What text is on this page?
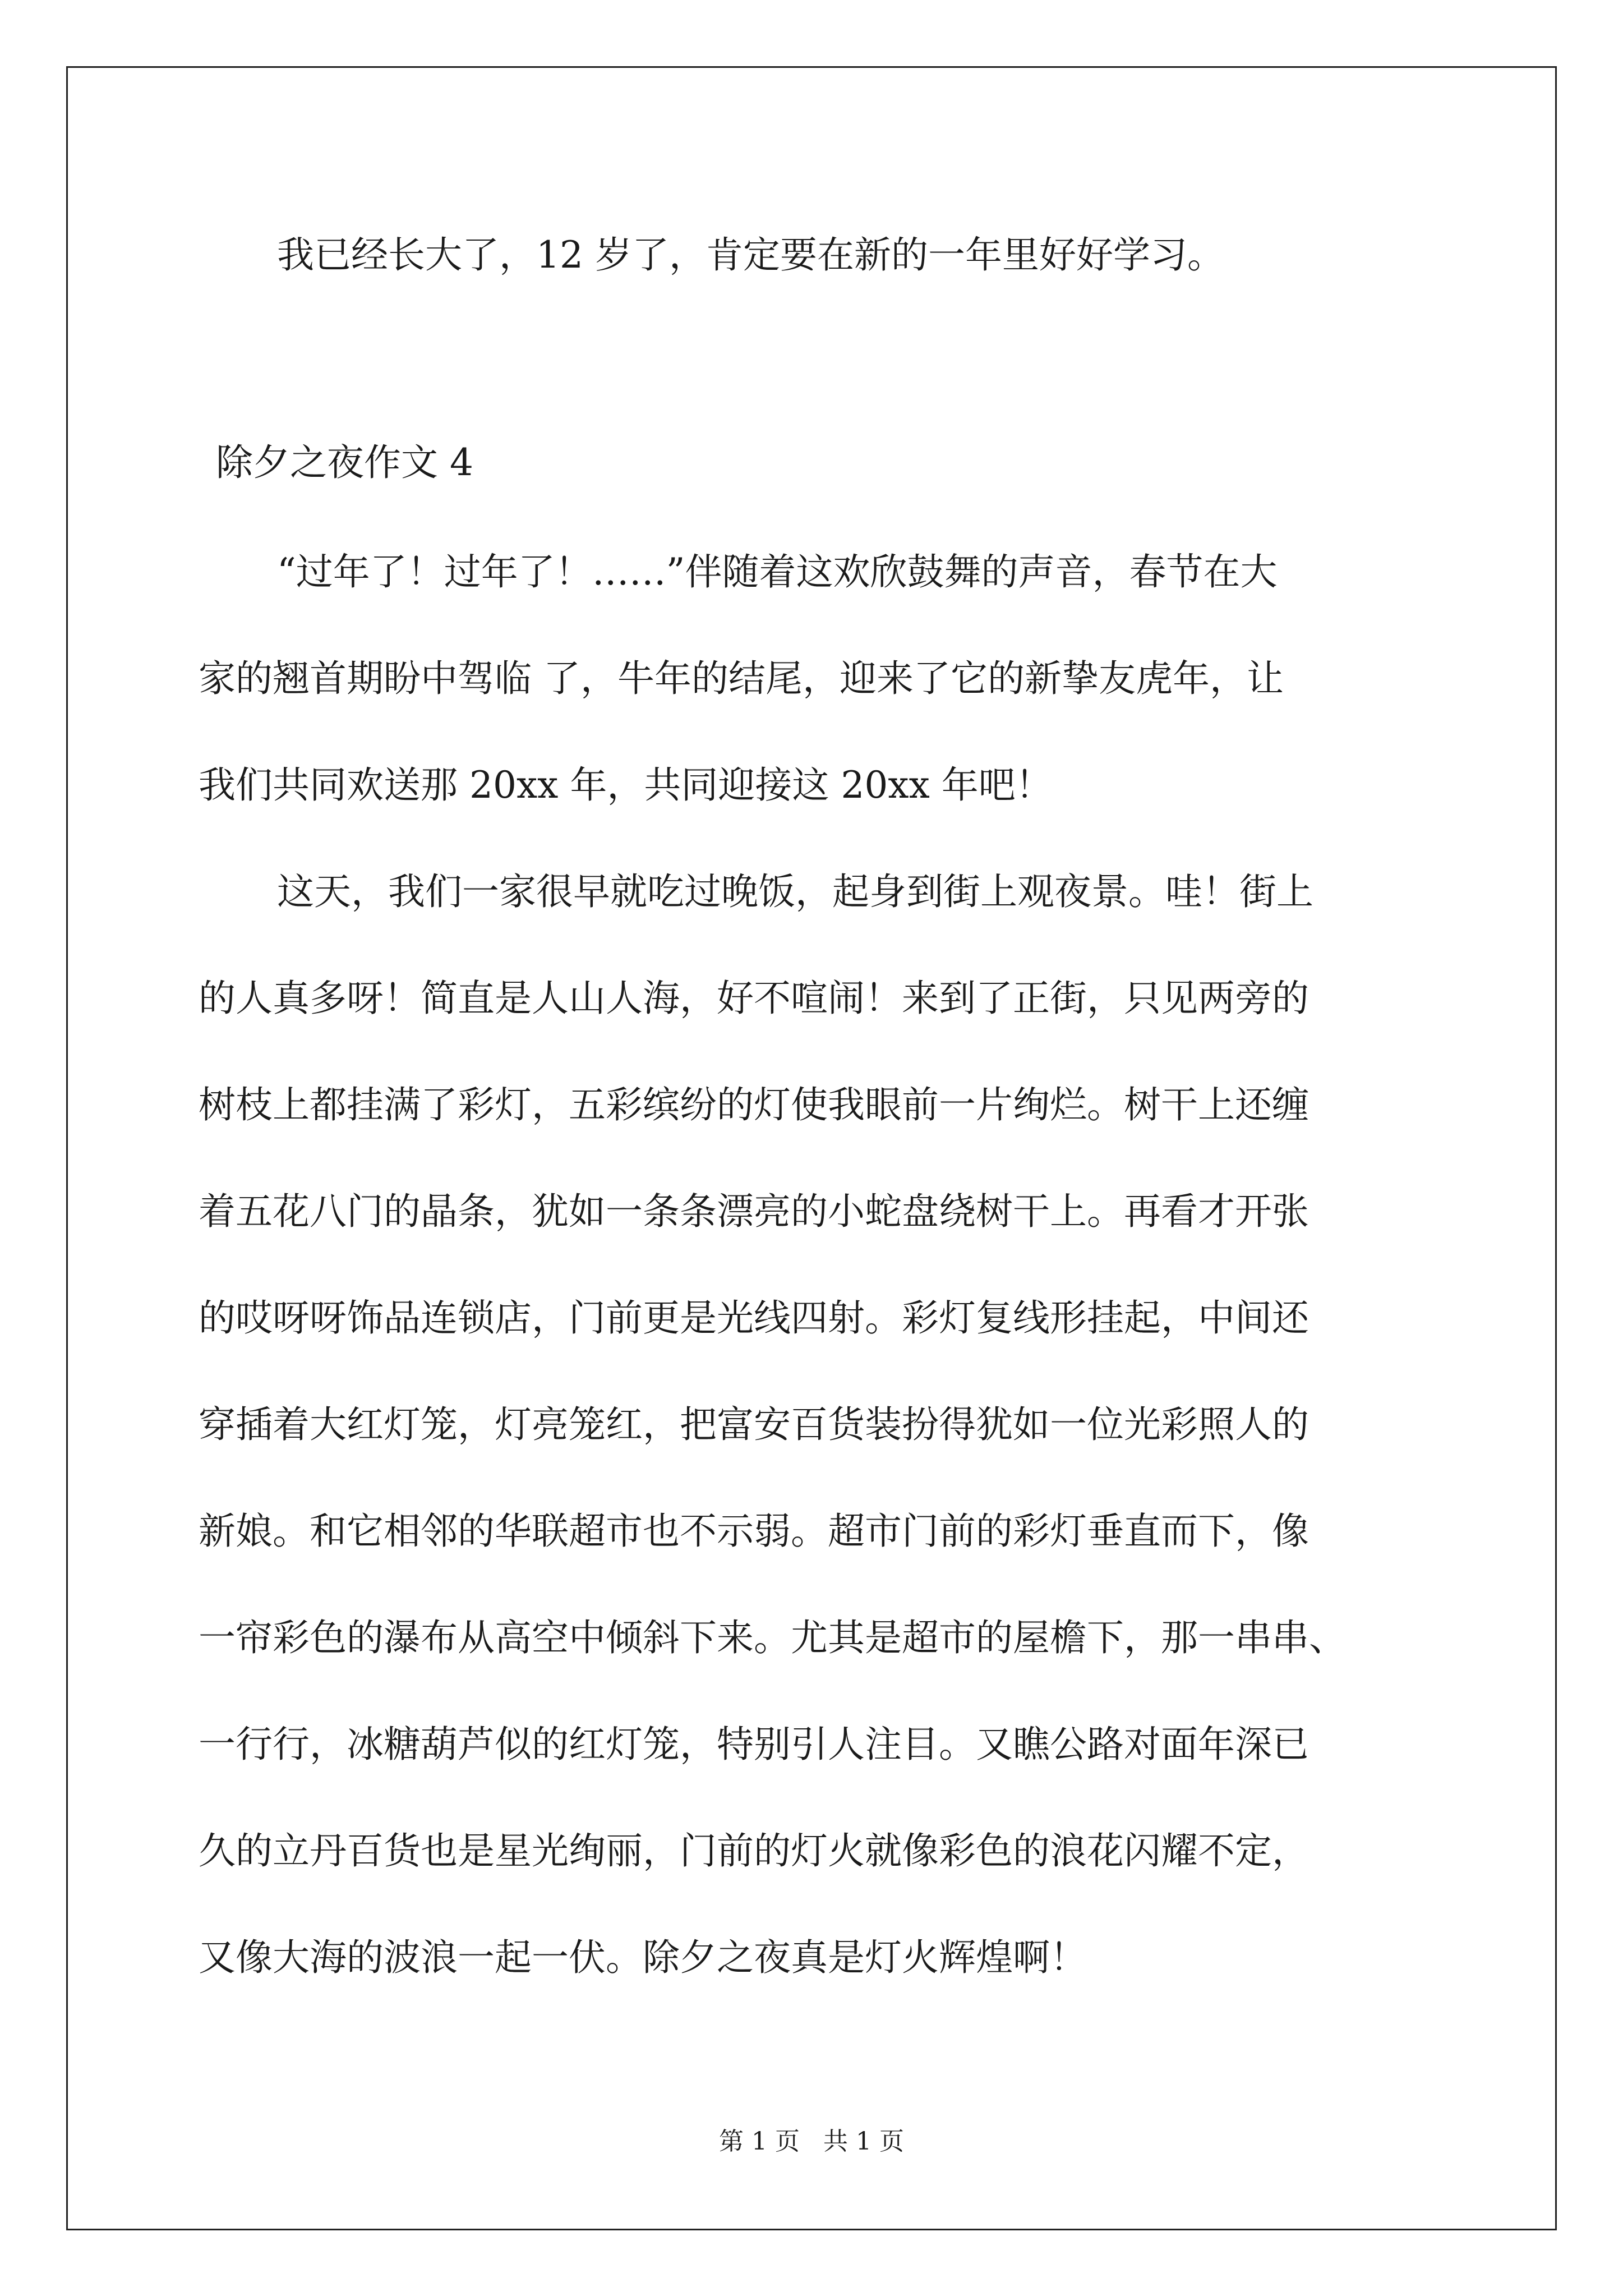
我已经长大了，12 岁了，肯定要在新的一年里好好学习。
除夕之夜作文 4
“过年了！过年了！……”伴随着这欢欣鼓舞的声音，春节在大
家的翘首期盼中驾临 了，牛年的结尾，迎来了它的新挚友虎年，让
我们共同欢送那 20xx 年，共同迎接这 20xx 年吧！
这天，我们一家很早就吃过晚饭，起身到街上观夜景。哇！街上
的人真多呀！简直是人山人海，好不喧闹！来到了正街，只见两旁的
树枝上都挂满了彩灯，五彩缤纷的灯使我眼前一片绚烂。树干上还缠
着五花八门的晶条，犹如一条条漂亮的小蛇盘绕树干上。再看才开张
的哎呀呀饰品连锁店，门前更是光线四射。彩灯复线形挂起，中间还
穿插着大红灯笼，灯亮笼红，把富安百货装扮得犹如一位光彩照人的
新娘。和它相邻的华联超市也不示弱。超市门前的彩灯垂直而下，像
一帘彩色的瀑布从高空中倾斜下来。尤其是超市的屋檐下，那一串串、
一行行，冰糖葫芦似的红灯笼，特别引人注目。又瞧公路对面年深已
久的立丹百货也是星光绚丽，门前的灯火就像彩色的浪花闪耀不定，
又像大海的波浪一起一伏。除夕之夜真是灯火辉煌啊！
第 1 页 共 1 页
